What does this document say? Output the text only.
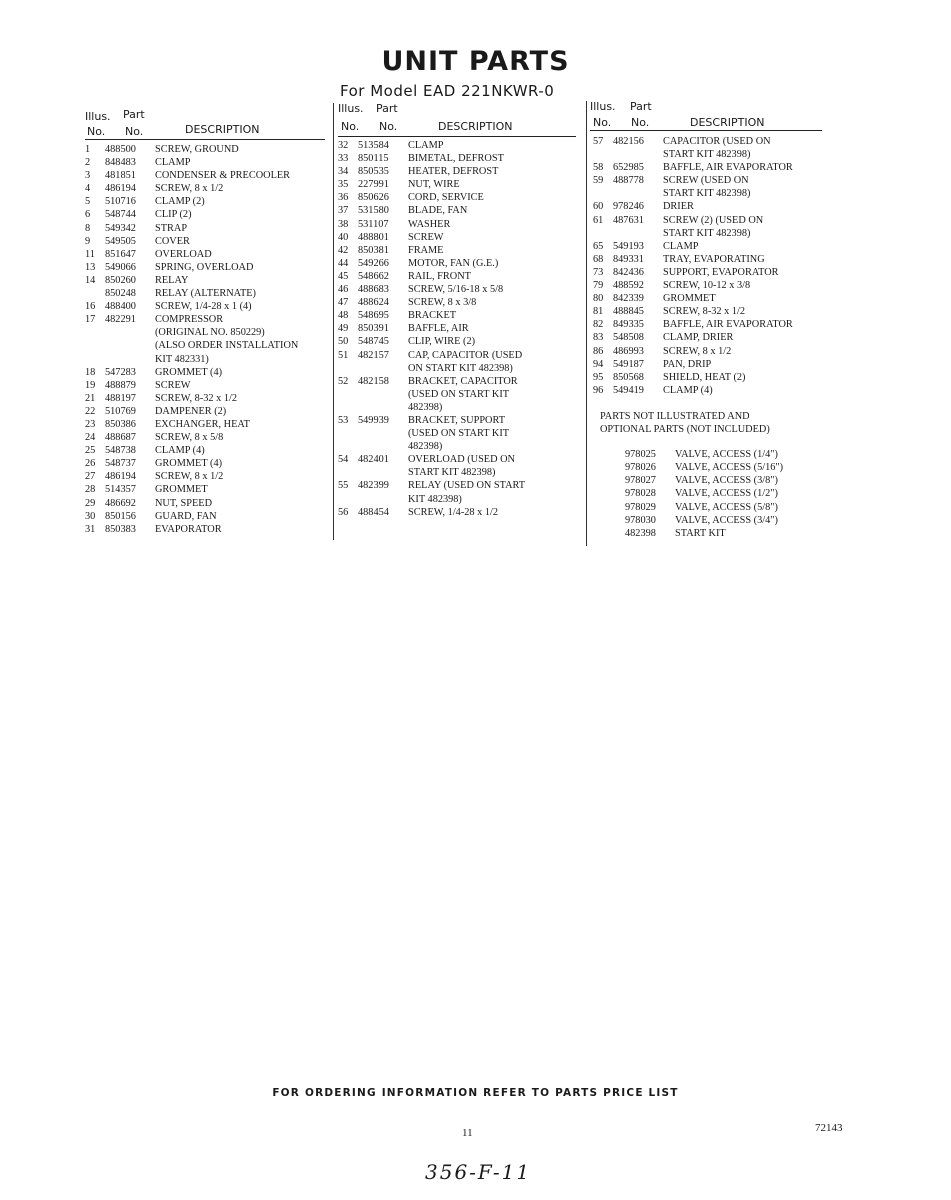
UNIT PARTS
For Model EAD 221NKWR-0
Illus. Part
No. No.	DESCRIPTION
1	488500	SCREW, GROUND
2	848483	CLAMP
3	481851	CONDENSER & PRECOOLER
4	486194	SCREW, 8 x 1/2
5	510716	CLAMP (2)
6	548744	CLIP (2)
8	549342	STRAP
9	549505	COVER
11 851647	OVERLOAD
13 549066	SPRING, OVERLOAD
14 850260	RELAY
850248	RELAY (ALTERNATE)
16 488400	SCREW, 1/4-28 x 1 (4)
17 482291	COMPRESSOR
(ORIGINAL NO. 850229)
(ALSO ORDER INSTALLATION
KIT 482331)
18 547283	GROMMET (4)
19 488879	SCREW
21 488197	SCREW, 8-32 x 1/2
22 510769	DAMPENER (2)
23 850386	EXCHANGER, HEAT
24 488687	SCREW, 8 x 5/8
25 548738	CLAMP (4)
26 548737	GROMMET (4)
27 486194	SCREW, 8 x 1/2
28 514357	GROMMET
29 486692	NUT, SPEED
30 850156	GUARD, FAN
31 850383	EVAPORATOR
Illus. Part
No. No.	DESCRIPTION
32 513584	CLAMP
33 850115	BIMETAL, DEFROST
34 850535	HEATER, DEFROST
35 227991	NUT, WIRE
36 850626	CORD, SERVICE
37 531580	BLADE, FAN
38 531107	WASHER
40 488801	SCREW
42 850381	FRAME
44 549266	MOTOR, FAN (G.E.)
45 548662	RAIL, FRONT
46 488683	SCREW, 5/16-18 x 5/8
47 488624	SCREW, 8 x 3/8
48 548695	BRACKET
49 850391	BAFFLE, AIR
50 548745	CLIP, WIRE (2)
51 482157	CAP, CAPACITOR (USED
ON START KIT 482398)
52 482158	BRACKET, CAPACITOR
(USED ON START KIT
482398)
53 549939	BRACKET, SUPPORT
(USED ON START KIT
482398)
54 482401	OVERLOAD (USED ON
START KIT 482398)
55 482399	RELAY (USED ON START
KIT 482398)
56 488454	SCREW, 1/4-28 x 1/2
Illus. Part
No. No.	DESCRIPTION
57 482156	CAPACITOR (USED ON
START KIT 482398)
58 652985	BAFFLE, AIR EVAPORATOR
59 488778	SCREW (USED ON
START KIT 482398)
60 978246	DRIER
61 487631	SCREW (2) (USED ON
START KIT 482398)
65 549193	CLAMP
68 849331	TRAY, EVAPORATING
73 842436	SUPPORT, EVAPORATOR
79 488592	SCREW, 10-12 x 3/8
80 842339	GROMMET
81 488845	SCREW, 8-32 x 1/2
82 849335	BAFFLE, AIR EVAPORATOR
83 548508	CLAMP, DRIER
86 486993	SCREW, 8 x 1/2
94 549187	PAN, DRIP
95 850568	SHIELD, HEAT (2)
96 549419	CLAMP (4)
PARTS NOT ILLUSTRATED AND
OPTIONAL PARTS (NOT INCLUDED)
978025	VALVE, ACCESS (1/4")
978026	VALVE, ACCESS (5/16")
978027	VALVE, ACCESS (3/8")
978028	VALVE, ACCESS (1/2")
978029	VALVE, ACCESS (5/8")
978030	VALVE, ACCESS (3/4")
482398	START KIT
FOR ORDERING INFORMATION REFER TO PARTS PRICE LIST
11	72143
356-F-11
